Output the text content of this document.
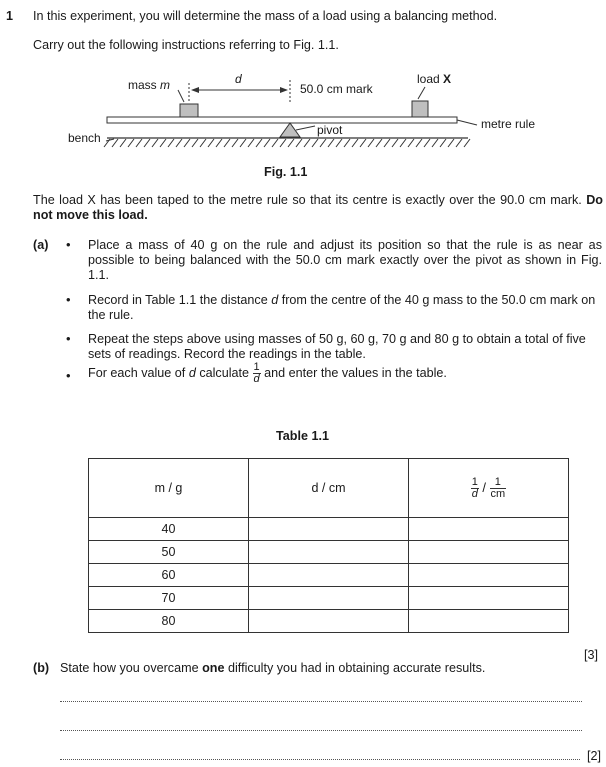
1 In this experiment, you will determine the mass of a load using a balancing method.
Carry out the following instructions referring to Fig. 1.1.
mass m	d
50.0 cm mark
load X
metre rule
bench
pivot
Fig. 1.1
The load X has been taped to the metre rule so that its centre is exactly over the 90.0 cm mark. Do not move this load.
(a) • Place a mass of 40 g on the rule and adjust its position so that the rule is as near as possible to being balanced with the 50.0 cm mark exactly over the pivot as shown in Fig. 1.1.
• Record in Table 1.1 the distance d from the centre of the 40 g mass to the 50.0 cm mark on the rule.
• Repeat the steps above using masses of 50 g, 60 g, 70 g and 80 g to obtain a total of five sets of readings. Record the readings in the table.
• For each value of d calculate $\frac{1}{d}$ and enter the values in the table.
Table 1.1
m / g	d / cm	$\frac{1}{d} / \frac{1}{cm}$

40		
50		
60		
70		
80		
[3]
(b) State how you overcame one difficulty you had in obtaining accurate results.
[2]
